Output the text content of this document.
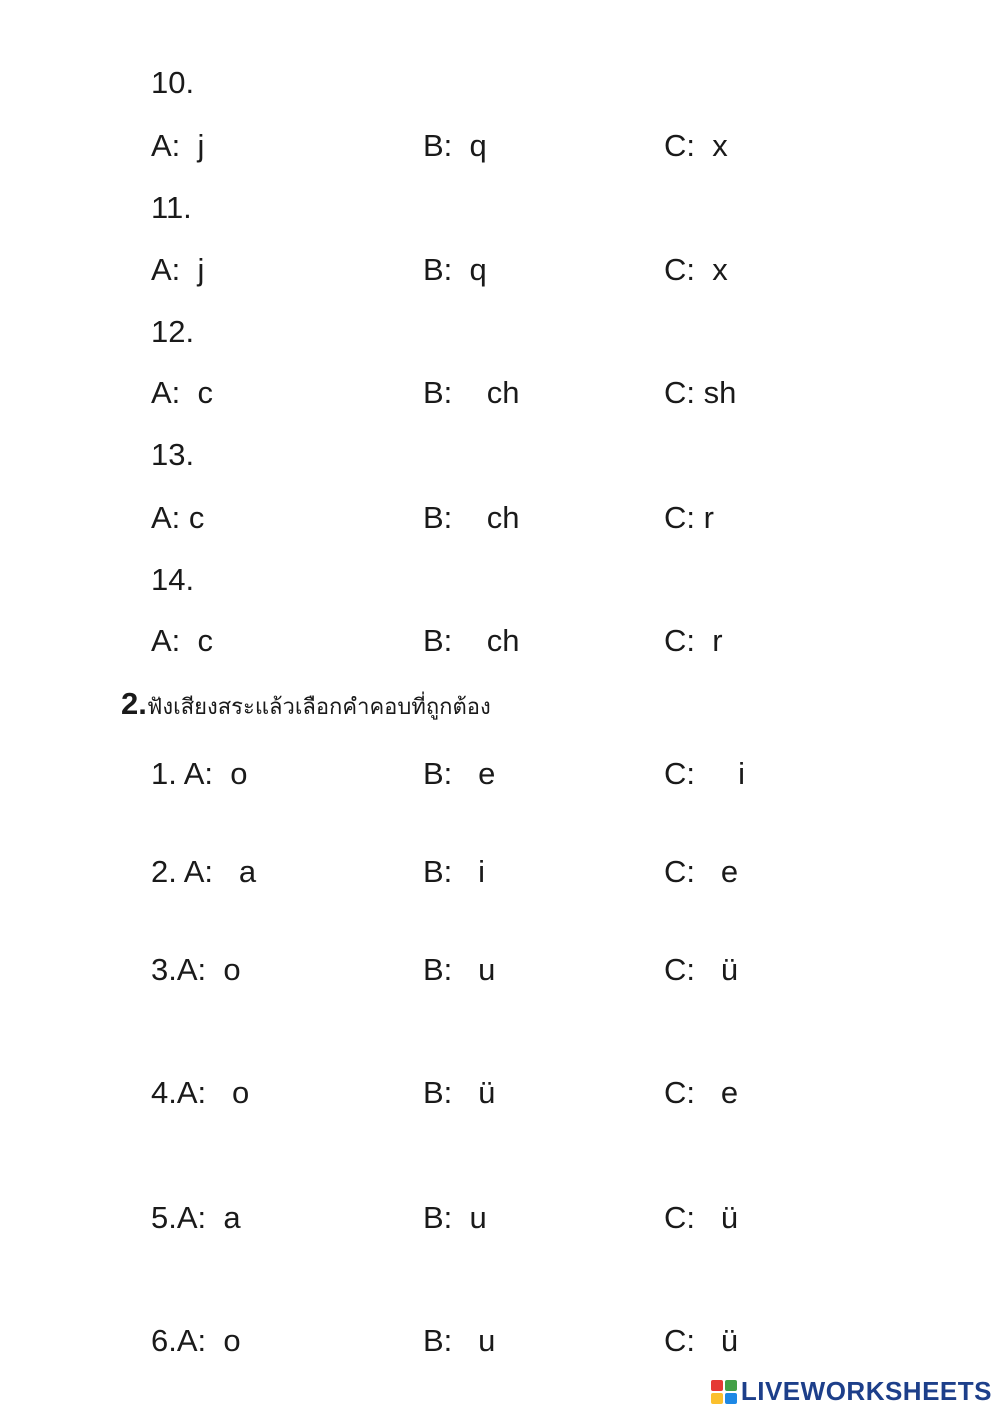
10.
A:  j	B:  q	C:  x
11.
A:  j	B:  q	C:  x
12.
A:  c	B:    ch	C: sh
13.
A: c	B:    ch	C: r
14.
A:  c	B:    ch	C:  r
2.ฟังเสียงสระแล้วเลือกคำคอบที่ถูกต้อง
1. A:  o	B:   e	C:     i
2. A:   a	B:   i	C:   e
3.A:  o	B:   u	C:   ü
4.A:   o	B:   ü	C:   e
5.A:  a	B:  u	C:   ü
6.A:  o	B:   u	C:   ü
LIVEWORKSHEETS
